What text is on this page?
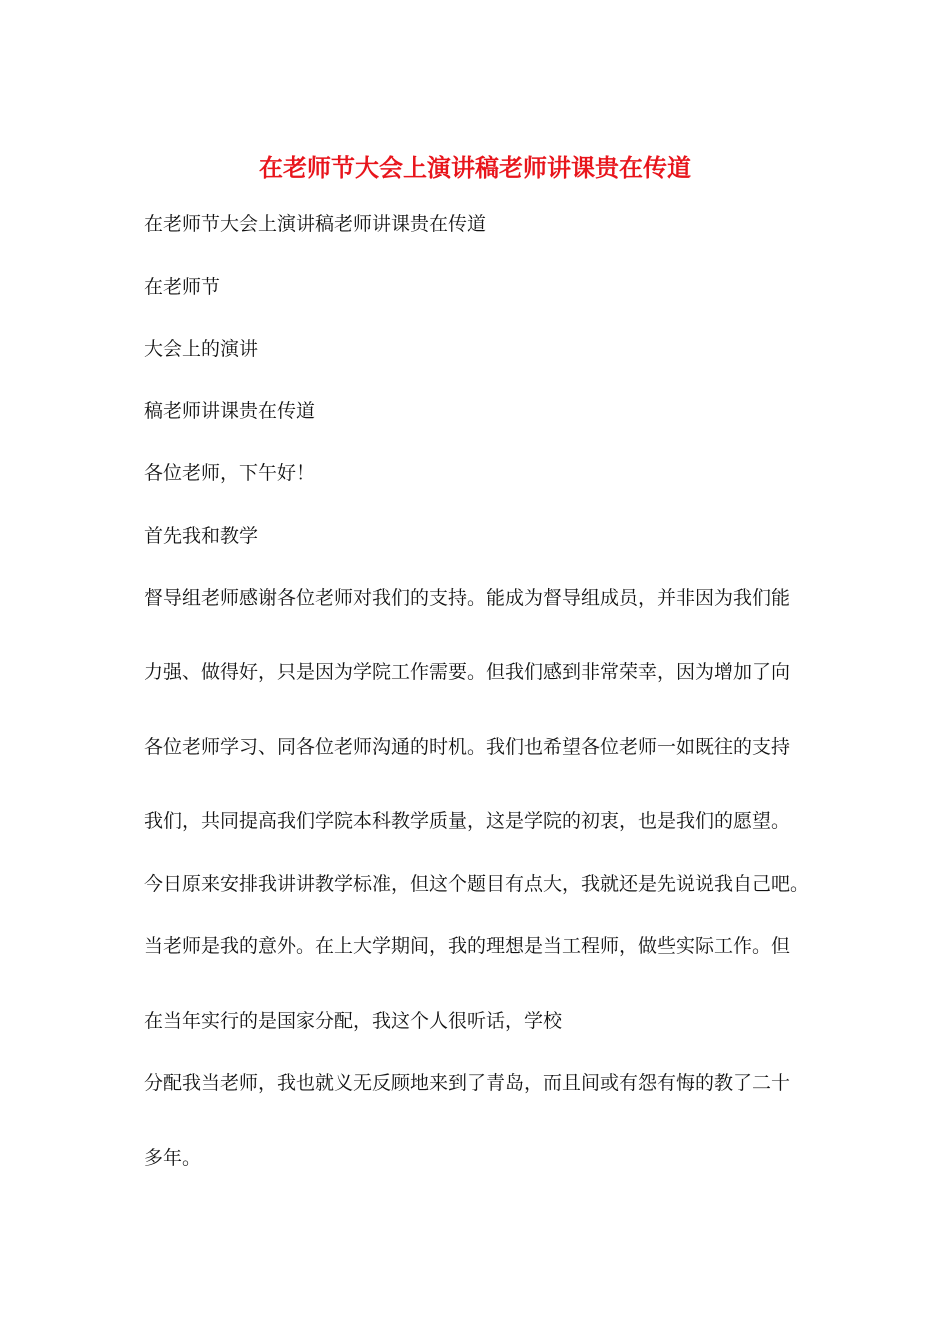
在老师节大会上演讲稿老师讲课贵在传道
在老师节大会上演讲稿老师讲课贵在传道
在老师节
大会上的演讲
稿老师讲课贵在传道
各位老师，下午好！
首先我和教学
督导组老师感谢各位老师对我们的支持。能成为督导组成员，并非因为我们能
力强、做得好，只是因为学院工作需要。但我们感到非常荣幸，因为增加了向
各位老师学习、同各位老师沟通的时机。我们也希望各位老师一如既往的支持
我们，共同提高我们学院本科教学质量，这是学院的初衷，也是我们的愿望。
今日原来安排我讲讲教学标准，但这个题目有点大，我就还是先说说我自己吧。
当老师是我的意外。在上大学期间，我的理想是当工程师，做些实际工作。但
在当年实行的是国家分配，我这个人很听话，学校
分配我当老师，我也就义无反顾地来到了青岛，而且间或有怨有悔的教了二十
多年。
